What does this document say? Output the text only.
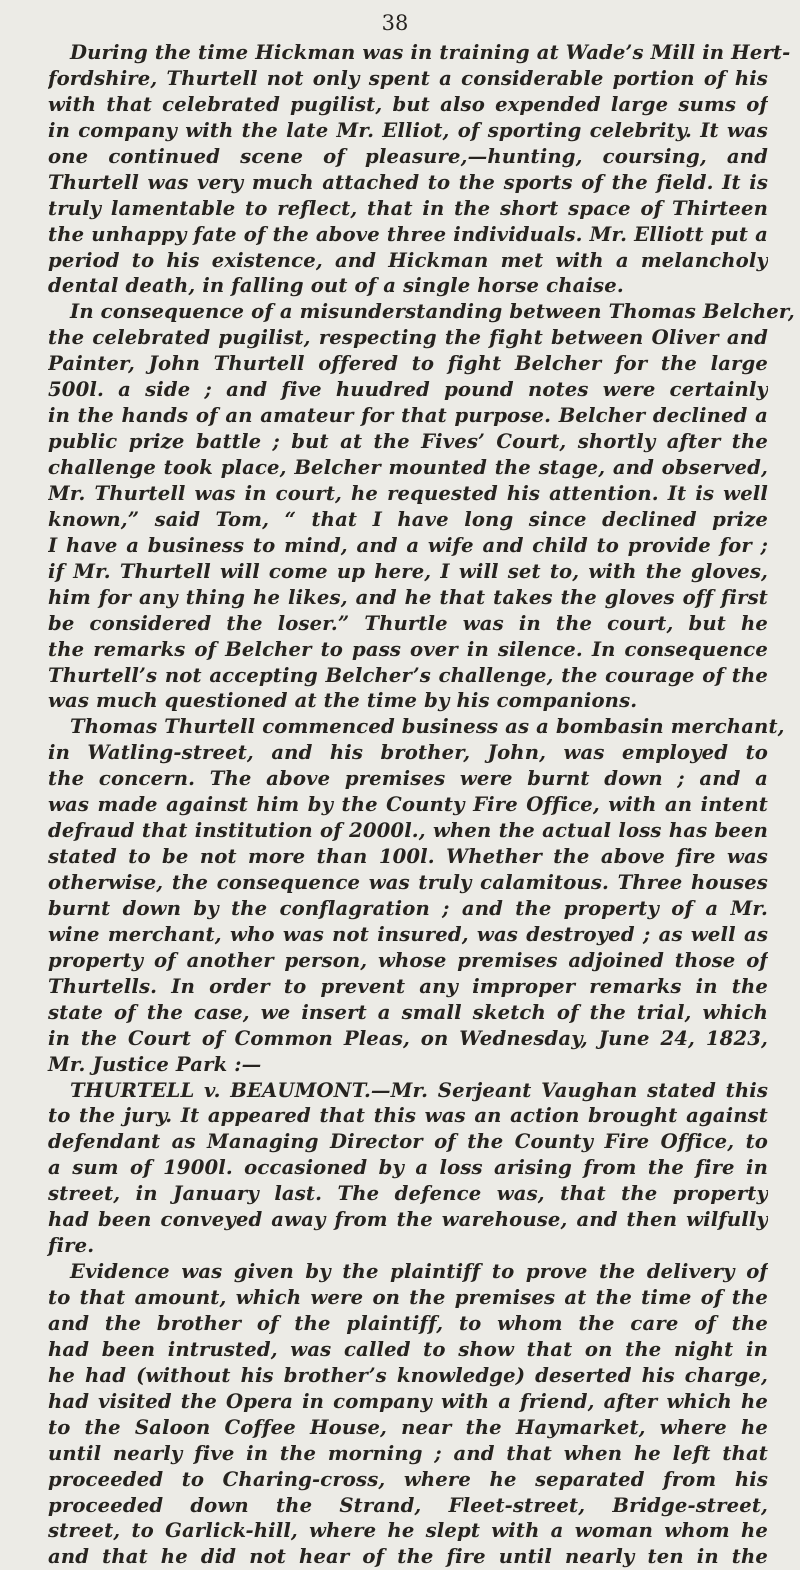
38
During the time Hickman was in training at Wade’s Mill in Hert-
fordshire, Thurtell not only spent a considerable portion of his
with that celebrated pugilist, but also expended large sums of
in company with the late Mr. Elliot, of sporting celebrity. It was
one continued scene of pleasure,—hunting, coursing, and
Thurtell was very much attached to the sports of the field. It is
truly lamentable to reflect, that in the short space of Thirteen
the unhappy fate of the above three individuals. Mr. Elliott put a
period to his existence, and Hickman met with a melancholy
dental death, in falling out of a single horse chaise.
In consequence of a misunderstanding between Thomas Belcher,
the celebrated pugilist, respecting the fight between Oliver and
Painter, John Thurtell offered to fight Belcher for the large
500l. a side ; and five huudred pound notes were certainly
in the hands of an amateur for that purpose. Belcher declined a
public prize battle ; but at the Fives’ Court, shortly after the
challenge took place, Belcher mounted the stage, and observed,
Mr. Thurtell was in court, he requested his attention. It is well
known,” said Tom, “ that I have long since declined prize
I have a business to mind, and a wife and child to provide for ;
if Mr. Thurtell will come up here, I will set to, with the gloves,
him for any thing he likes, and he that takes the gloves off first
be considered the loser.” Thurtle was in the court, but he
the remarks of Belcher to pass over in silence. In consequence
Thurtell’s not accepting Belcher’s challenge, the courage of the
was much questioned at the time by his companions.
Thomas Thurtell commenced business as a bombasin merchant,
in Watling-street, and his brother, John, was employed to
the concern. The above premises were burnt down ; and a
was made against him by the County Fire Office, with an intent
defraud that institution of 2000l., when the actual loss has been
stated to be not more than 100l. Whether the above fire was
otherwise, the consequence was truly calamitous. Three houses
burnt down by the conflagration ; and the property of a Mr.
wine merchant, who was not insured, was destroyed ; as well as
property of another person, whose premises adjoined those of
Thurtells. In order to prevent any improper remarks in the
state of the case, we insert a small sketch of the trial, which
in the Court of Common Pleas, on Wednesday, June 24, 1823,
Mr. Justice Park :—
THURTELL v. BEAUMONT.—Mr. Serjeant Vaughan stated this
to the jury. It appeared that this was an action brought against
defendant as Managing Director of the County Fire Office, to
a sum of 1900l. occasioned by a loss arising from the fire in
street, in January last. The defence was, that the property
had been conveyed away from the warehouse, and then wilfully
fire.
Evidence was given by the plaintiff to prove the delivery of
to that amount, which were on the premises at the time of the
and the brother of the plaintiff, to whom the care of the
had been intrusted, was called to show that on the night in
he had (without his brother’s knowledge) deserted his charge,
had visited the Opera in company with a friend, after which he
to the Saloon Coffee House, near the Haymarket, where he
until nearly five in the morning ; and that when he left that
proceeded to Charing-cross, where he separated from his
proceeded down the Strand, Fleet-street, Bridge-street,
street, to Garlick-hill, where he slept with a woman whom he
and that he did not hear of the fire until nearly ten in the
